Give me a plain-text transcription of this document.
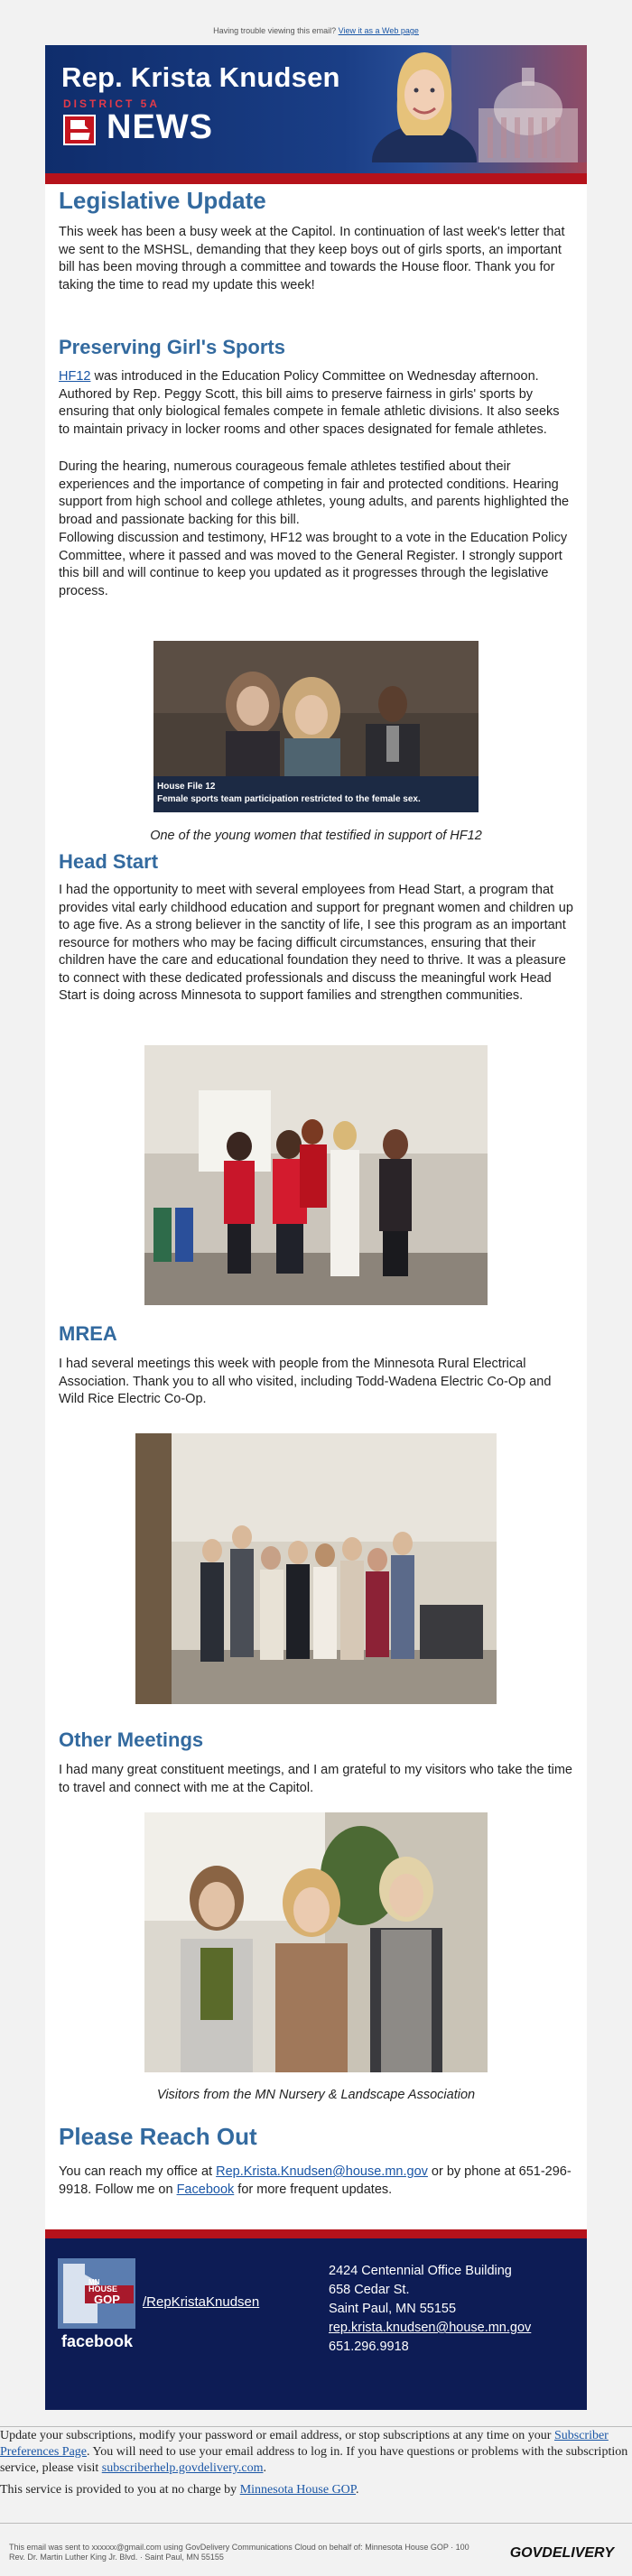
Having trouble viewing this email? View it as a Web page
Rep. Krista Knudsen
DISTRICT 5A
NEWS
Legislative Update

This week has been a busy week at the Capitol. In continuation of last week's letter that we sent to the MSHSL, demanding that they keep boys out of girls sports, an important bill has been moving through a committee and towards the House floor. Thank you for taking the time to read my update this week!

Preserving Girl's Sports

HF12 was introduced in the Education Policy Committee on Wednesday afternoon. Authored by Rep. Peggy Scott, this bill aims to preserve fairness in girls' sports by ensuring that only biological females compete in female athletic divisions. It also seeks to maintain privacy in locker rooms and other spaces designated for female athletes.

During the hearing, numerous courageous female athletes testified about their experiences and the importance of competing in fair and protected conditions. Hearing support from high school and college athletes, young adults, and parents highlighted the broad and passionate backing for this bill.

Following discussion and testimony, HF12 was brought to a vote in the Education Policy Committee, where it passed and was moved to the General Register. I strongly support this bill and will continue to keep you updated as it progresses through the legislative process.

House File 12
Female sports team participation restricted to the female sex.

One of the young women that testified in support of HF12

Head Start

I had the opportunity to meet with several employees from Head Start, a program that provides vital early childhood education and support for pregnant women and children up to age five. As a strong believer in the sanctity of life, I see this program as an important resource for mothers who may be facing difficult circumstances, ensuring that their children have the care and educational foundation they need to thrive. It was a pleasure to connect with these dedicated professionals and discuss the meaningful work Head Start is doing across Minnesota to support families and strengthen communities.

MREA

I had several meetings this week with people from the Minnesota Rural Electrical Association. Thank you to all who visited, including Todd-Wadena Electric Co-Op and Wild Rice Electric Co-Op.

Other Meetings

I had many great constituent meetings, and I am grateful to my visitors who take the time to travel and connect with me at the Capitol.

Visitors from the MN Nursery & Landscape Association

Please Reach Out

You can reach my office at Rep.Krista.Knudsen@house.mn.gov or by phone at 651-296-9918. Follow me on Facebook for more frequent updates.

MN
HOUSE
GOP
facebook
/RepKristaKnudsen
2424 Centennial Office Building
658 Cedar St.
Saint Paul, MN 55155
rep.krista.knudsen@house.mn.gov
651.296.9918
Update your subscriptions, modify your password or email address, or stop subscriptions at any time on your Subscriber Preferences Page. You will need to use your email address to log in. If you have questions or problems with the subscription service, please visit subscriberhelp.govdelivery.com.
This service is provided to you at no charge by Minnesota House GOP.
This email was sent to xxxxxx@gmail.com using GovDelivery Communications Cloud on behalf of: Minnesota House GOP · 100
Rev. Dr. Martin Luther King Jr. Blvd. · Saint Paul, MN 55155	GOVDELIVERY
